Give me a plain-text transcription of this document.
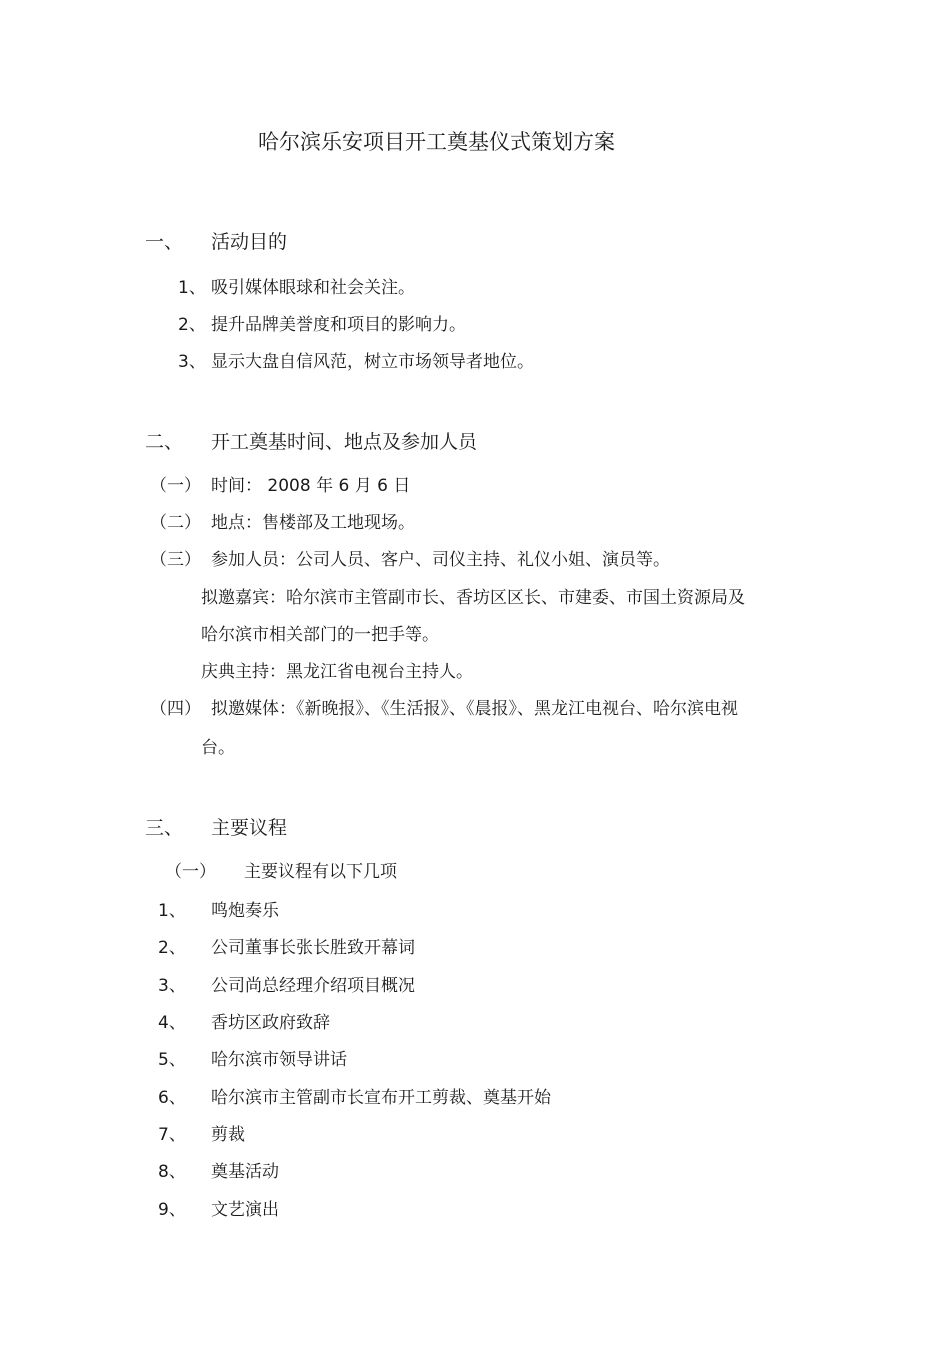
哈尔滨乐安项目开工奠基仪式策划方案
一、 活动目的
1、 吸引媒体眼球和社会关注。
2、 提升品牌美誉度和项目的影响力。
3、 显示大盘自信风范，树立市场领导者地位。
二、 开工奠基时间、地点及参加人员
（一） 时间： 2008 年 6 月 6 日
（二） 地点：售楼部及工地现场。
（三） 参加人员：公司人员、客户、司仪主持、礼仪小姐、演员等。
拟邀嘉宾：哈尔滨市主管副市长、香坊区区长、市建委、市国土资源局及
哈尔滨市相关部门的一把手等。
庆典主持：黑龙江省电视台主持人。
（四） 拟邀媒体：《新晚报》、《生活报》、《晨报》、黑龙江电视台、哈尔滨电视
台。
三、 主要议程
（一） 主要议程有以下几项
1、 鸣炮奏乐
2、 公司董事长张长胜致开幕词
3、 公司尚总经理介绍项目概况
4、 香坊区政府致辞
5、 哈尔滨市领导讲话
6、 哈尔滨市主管副市长宣布开工剪裁、奠基开始
7、 剪裁
8、 奠基活动
9、 文艺演出
